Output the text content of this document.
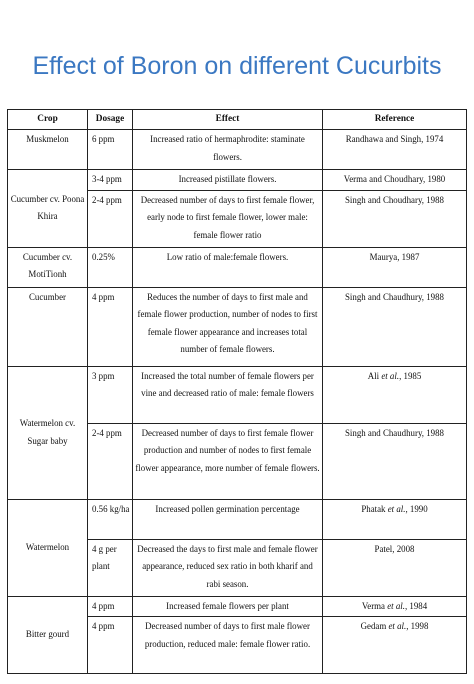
Effect of Boron on different Cucurbits
Crop	Dosage	Effect	Reference
Muskmelon	6 ppm	Increased ratio of hermaphrodite: staminate flowers.	Randhawa and Singh, 1974
Cucumber cv. Poona Khira	3-4 ppm	Increased pistillate flowers.	Verma and Choudhary, 1980
	2-4 ppm	Decreased number of days to first female flower, early node to first female flower, lower male: female flower ratio	Singh and Choudhary, 1988
Cucumber cv. MotiTionh	0.25%	Low ratio of male:female flowers.	Maurya, 1987
Cucumber	4 ppm	Reduces the number of days to first male and female flower production, number of nodes to first female flower appearance and increases total number of female flowers.	Singh and Chaudhury, 1988
Watermelon cv. Sugar baby	3 ppm	Increased the total number of female flowers per vine and decreased ratio of male: female flowers	Ali et al., 1985
	2-4 ppm	Decreased number of days to first female flower production and number of nodes to first female flower appearance, more number of female flowers.	Singh and Chaudhury, 1988
Watermelon	0.56 kg/ha	Increased pollen germination percentage	Phatak et al., 1990
	4 g per plant	Decreased the days to first male and female flower appearance, reduced sex ratio in both kharif and rabi season.	Patel, 2008
Bitter gourd	4 ppm	Increased female flowers per plant	Verma et al., 1984
	4 ppm	Decreased number of days to first male flower production, reduced male: female flower ratio.	Gedam et al., 1998
